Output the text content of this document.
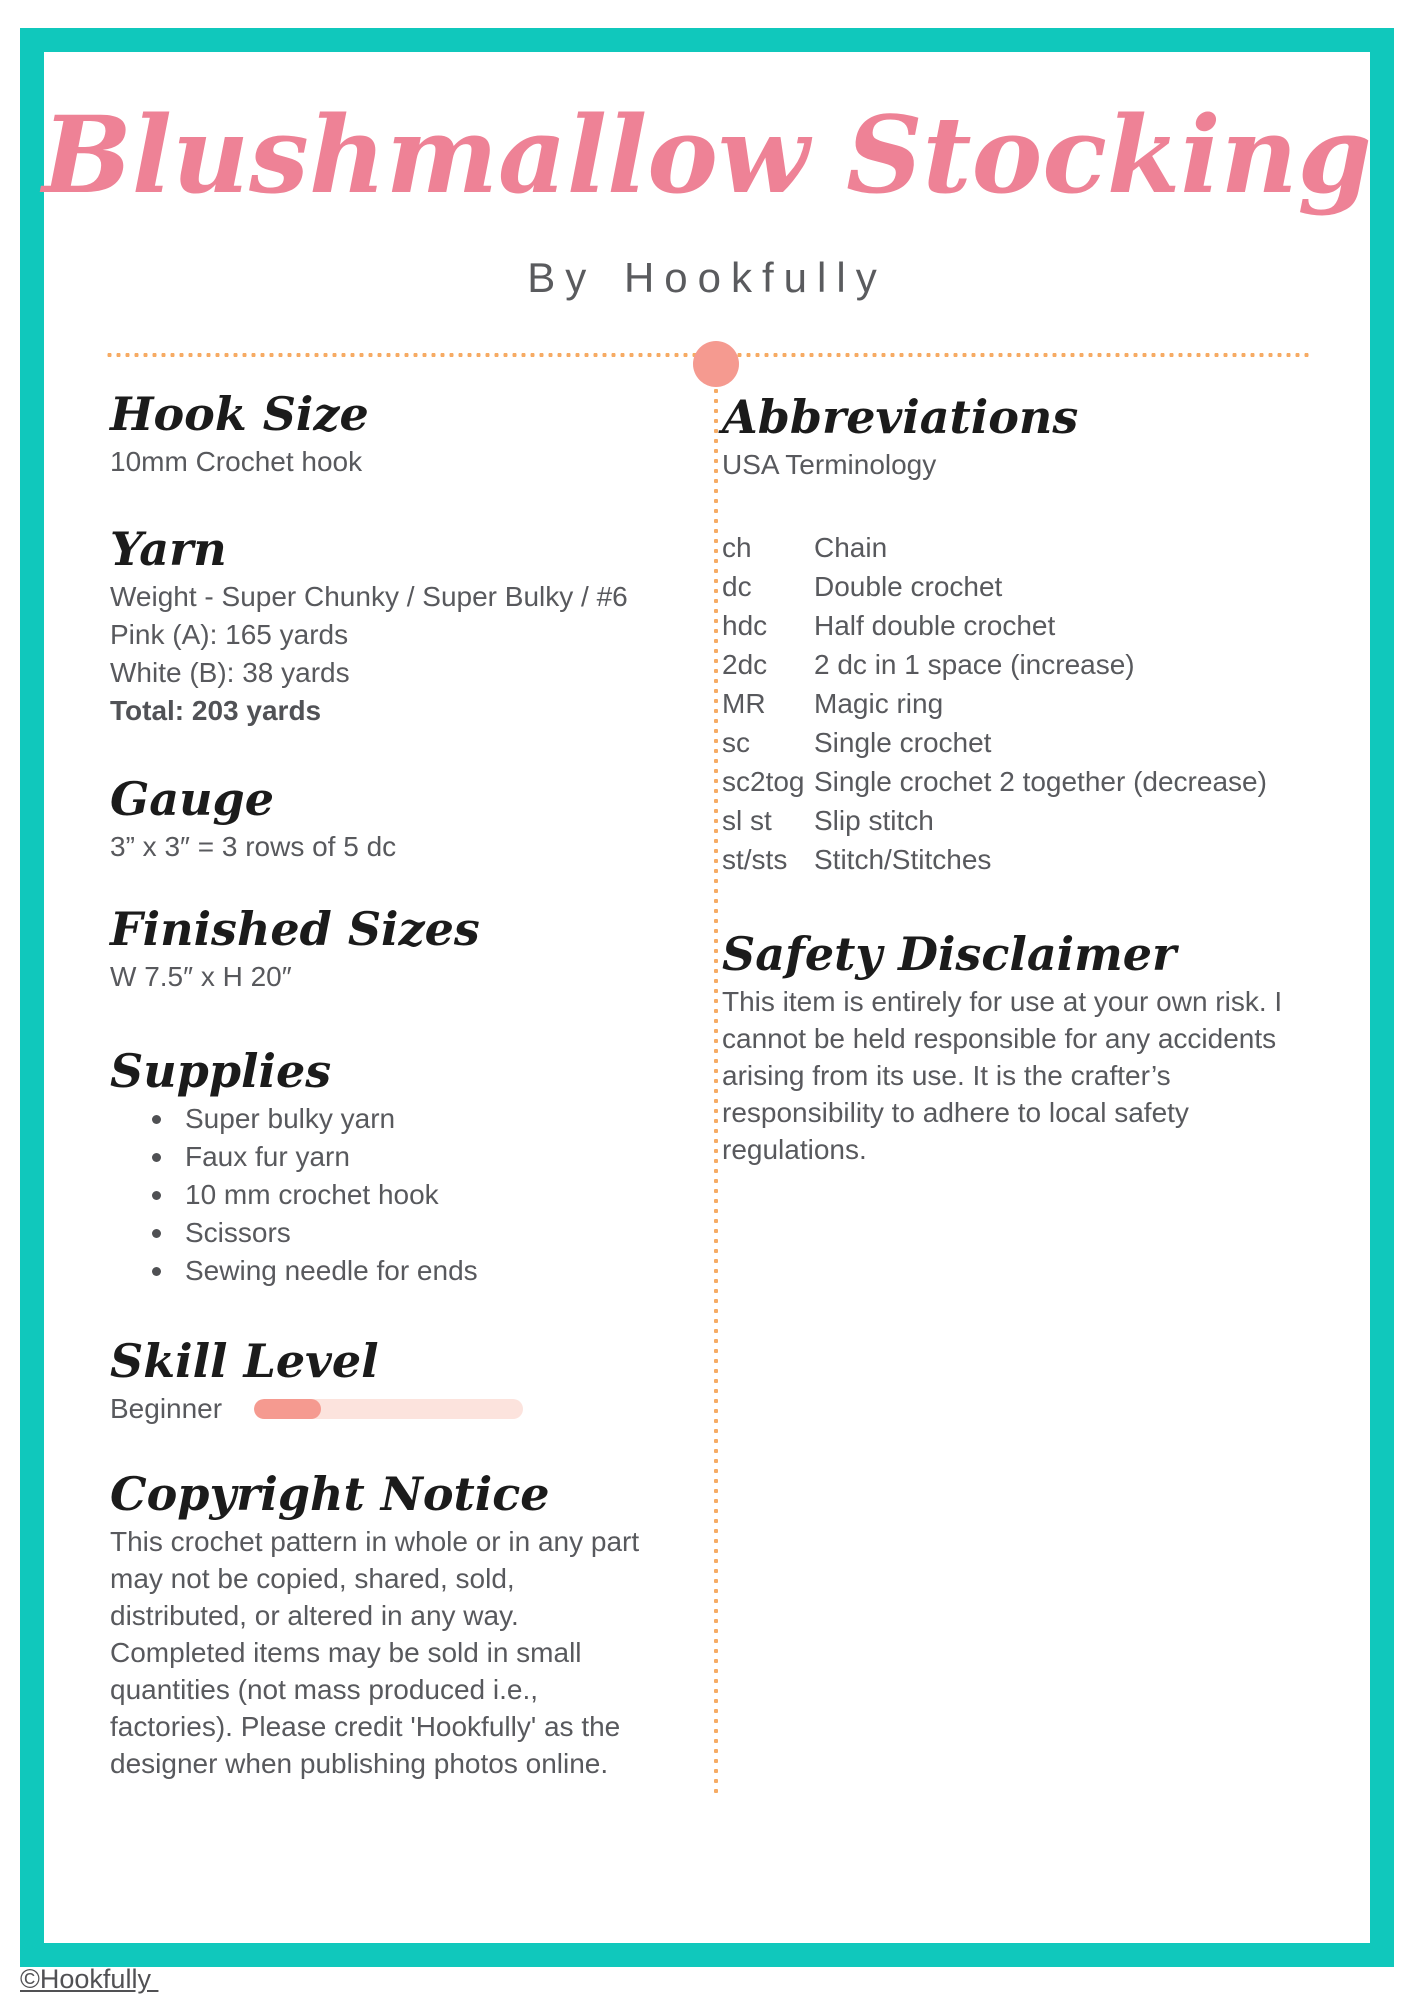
Blushmallow Stocking
By Hookfully
Hook Size

10mm Crochet hook

Yarn
Weight - Super Chunky / Super Bulky / #6
Pink (A): 165 yards
White (B): 38 yards

Total: 203 yards

Gauge

3” x 3″ = 3 rows of 5 dc

Finished Sizes

W 7.5″ x H 20″

Supplies
Super bulky yarn
Faux fur yarn
10 mm crochet hook
Scissors
Sewing needle for ends
Skill Level
Beginner
Copyright Notice

This crochet pattern in whole or in any part may not be copied, shared, sold, distributed, or altered in any way. Completed items may be sold in small quantities (not mass produced i.e., factories). Please credit 'Hookfully' as the designer when publishing photos online.

Abbreviations

USA Terminology

ch	Chain
dc	Double crochet
hdc	Half double crochet
2dc	2 dc in 1 space (increase)
MR	Magic ring
sc	Single crochet
sc2tog Single crochet 2 together (decrease)
sl st	Slip stitch
st/sts Stitch/Stitches
Safety Disclaimer

This item is entirely for use at your own risk. I cannot be held responsible for any accidents arising from its use. It is the crafter’s responsibility to adhere to local safety regulations.

©Hookfully
